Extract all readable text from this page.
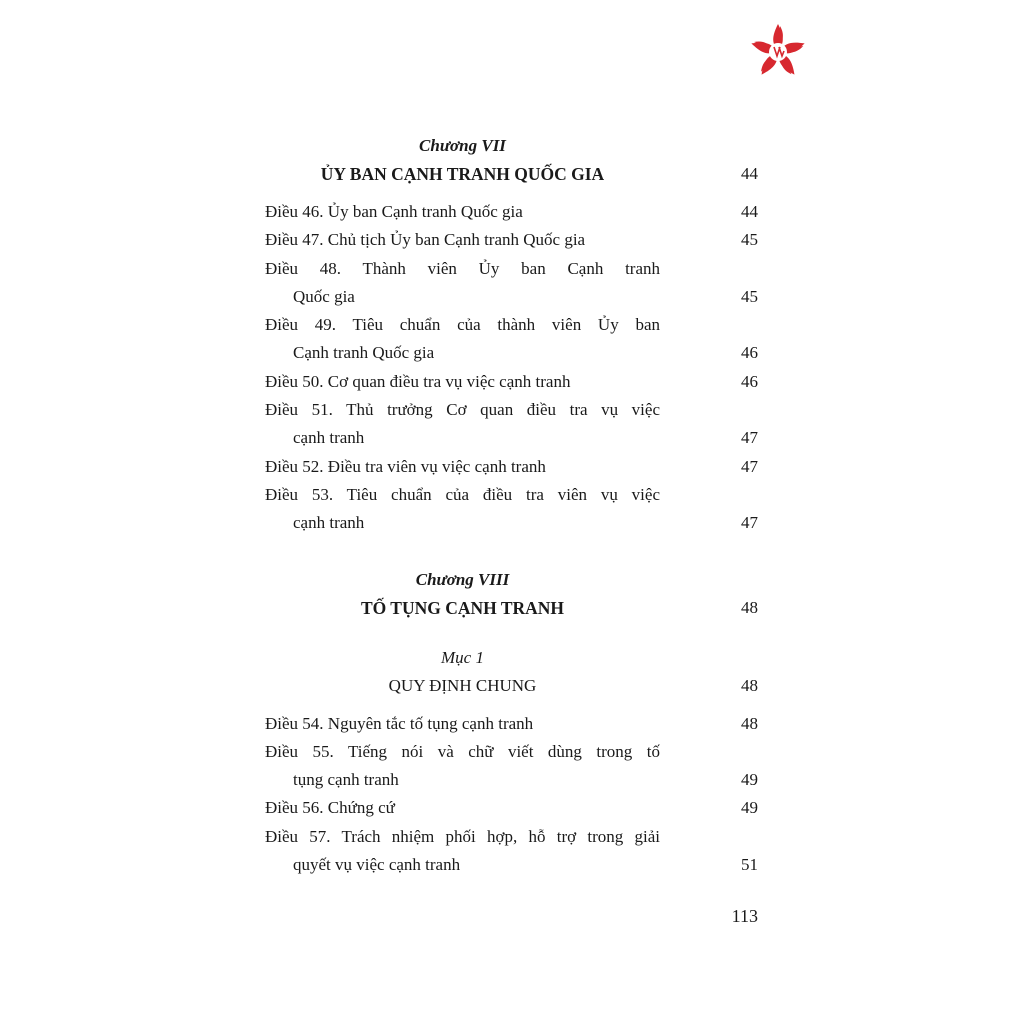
Chương VII
ỦY BAN CẠNH TRANH QUỐC GIA	44
Điều 46. Ủy ban Cạnh tranh Quốc gia	44
Điều 47. Chủ tịch Ủy ban Cạnh tranh Quốc gia	45
Điều 48. Thành viên Ủy ban Cạnh tranh
Quốc gia	45
Điều 49. Tiêu chuẩn của thành viên Ủy ban
Cạnh tranh Quốc gia	46
Điều 50. Cơ quan điều tra vụ việc cạnh tranh	46
Điều 51. Thủ trưởng Cơ quan điều tra vụ việc
cạnh tranh	47
Điều 52. Điều tra viên vụ việc cạnh tranh	47
Điều 53. Tiêu chuẩn của điều tra viên vụ việc
cạnh tranh	47
Chương VIII
TỐ TỤNG CẠNH TRANH	48
Mục 1
QUY ĐỊNH CHUNG	48
Điều 54. Nguyên tắc tố tụng cạnh tranh	48
Điều 55. Tiếng nói và chữ viết dùng trong tố
tụng cạnh tranh	49
Điều 56. Chứng cứ	49
Điều 57. Trách nhiệm phối hợp, hỗ trợ trong giải
quyết vụ việc cạnh tranh	51
113
